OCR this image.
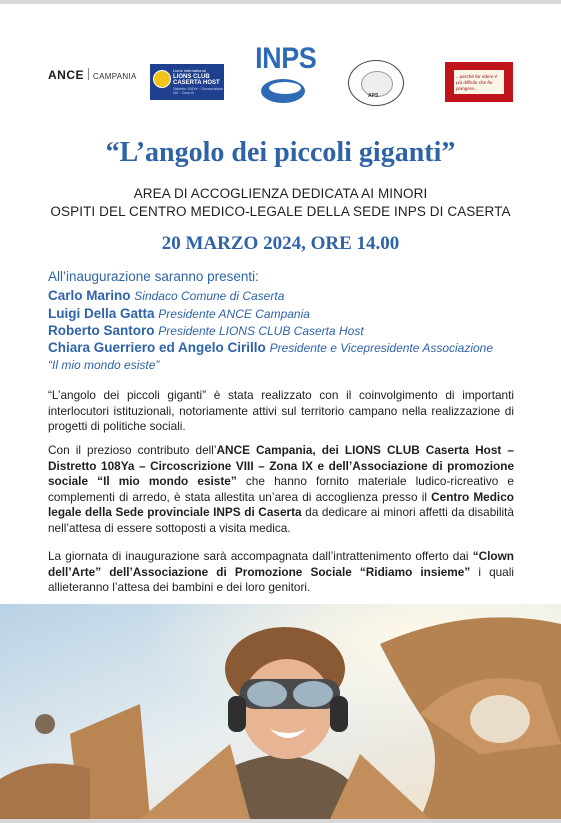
ANCE CAMPANIA
Lions International
LIONS CLUB
CASERTA HOST
Distretto 108Ya · Circoscrizione VIII · Zona IX
INPS
APS
...perché far ridere è più difficile che far piangere...
“L’angolo dei piccoli giganti”
AREA DI ACCOGLIENZA DEDICATA AI MINORI
OSPITI DEL CENTRO MEDICO-LEGALE DELLA SEDE INPS DI CASERTA
20 MARZO 2024, ORE 14.00
All’inaugurazione saranno presenti:
Carlo Marino Sindaco Comune di Caserta
Luigi Della Gatta Presidente ANCE Campania
Roberto Santoro Presidente LIONS CLUB Caserta Host
Chiara Guerriero ed Angelo Cirillo Presidente e Vicepresidente Associazione
“Il mio mondo esiste”
“L’angolo dei piccoli giganti” è stata realizzato con il coinvolgimento di importanti interlocutori istituzionali, notoriamente attivi sul territorio campano nella realizzazione di progetti di politiche sociali.
Con il prezioso contributo dell’ANCE Campania, dei LIONS CLUB Caserta Host – Distretto 108Ya – Circoscrizione VIII – Zona IX e dell’Associazione di promozione sociale “Il mio mondo esiste” che hanno fornito materiale ludico-ricreativo e complementi di arredo, è stata allestita un’area di accoglienza presso il Centro Medico legale della Sede provinciale INPS di Caserta da dedicare ai minori affetti da disabilità nell’attesa di essere sottoposti a visita medica.
La giornata di inaugurazione sarà accompagnata dall’intrattenimento offerto dai “Clown dell’Arte” dell’Associazione di Promozione Sociale “Ridiamo insieme” i quali allieteranno l’attesa dei bambini e dei loro genitori.
